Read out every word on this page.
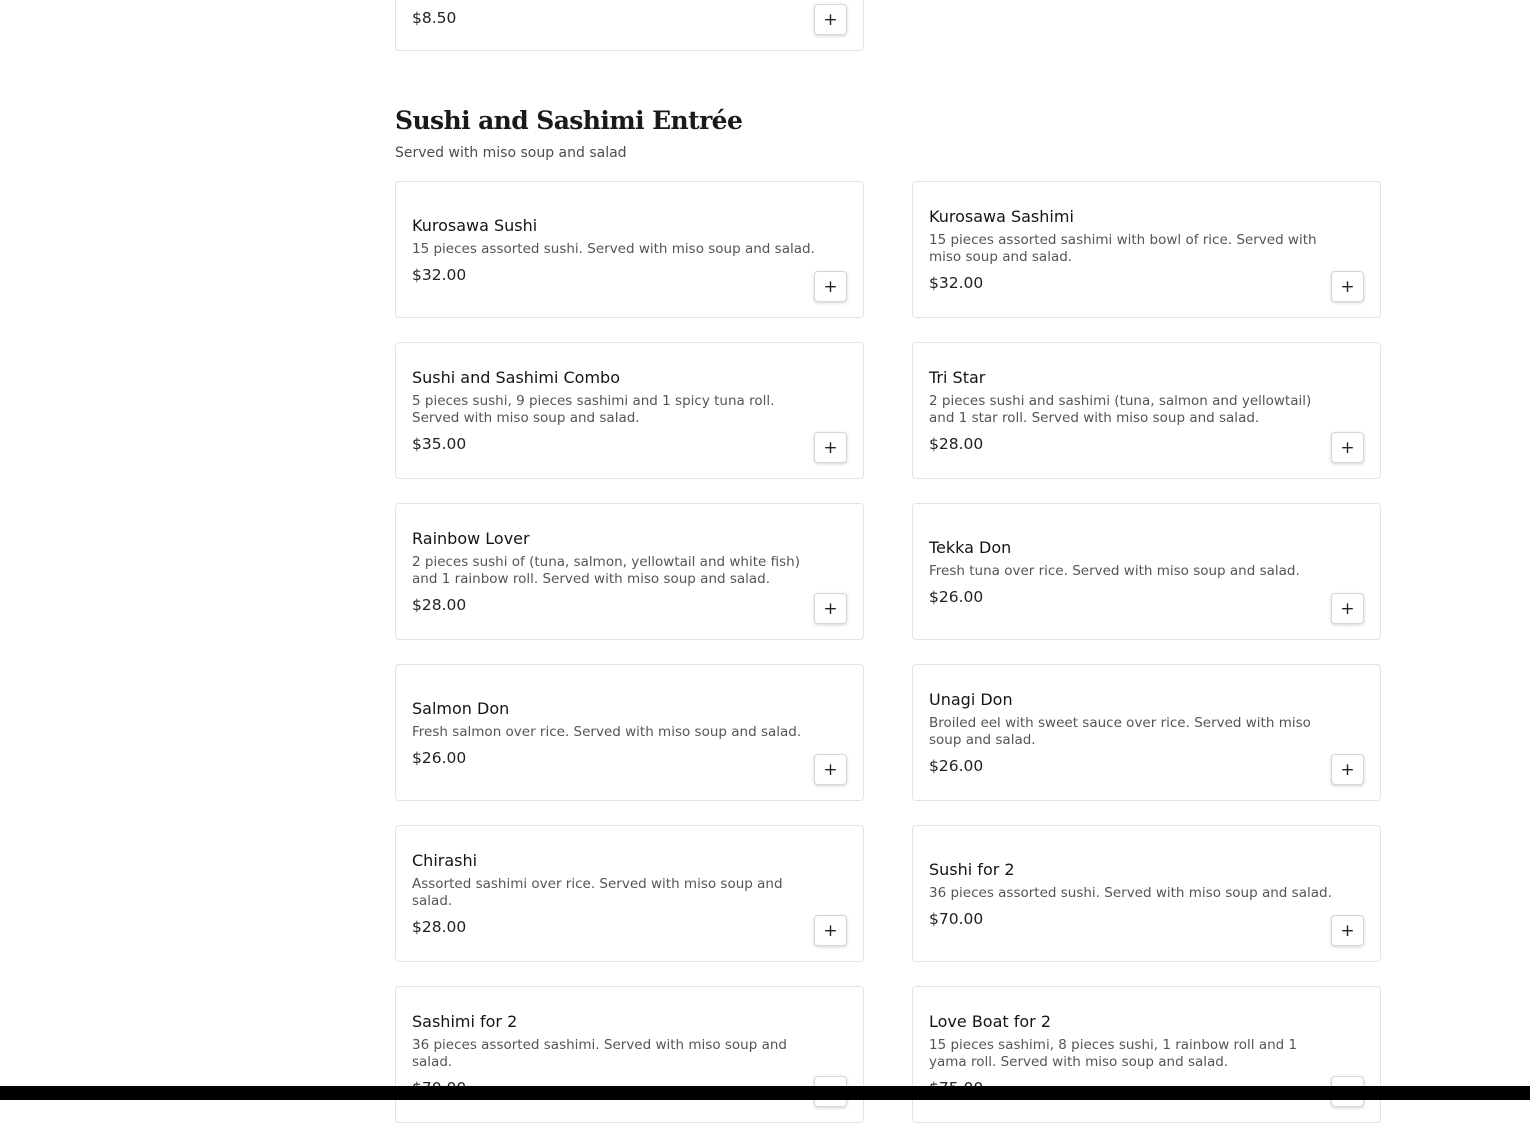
$8.50	+
Sushi and Sashimi Entrée

Served with miso soup and salad

Kurosawa Sushi

15 pieces assorted sushi. Served with miso soup and salad.

$32.00

+

Kurosawa Sashimi

15 pieces assorted sashimi with bowl of rice. Served with miso soup and salad.

$32.00	+

Sushi and Sashimi Combo

5 pieces sushi, 9 pieces sashimi and 1 spicy tuna roll. Served with miso soup and salad.

$35.00	+

Tri Star

2 pieces sushi and sashimi (tuna, salmon and yellowtail) and 1 star roll. Served with miso soup and salad.

$28.00	+

Rainbow Lover

2 pieces sushi of (tuna, salmon, yellowtail and white fish) and 1 rainbow roll. Served with miso soup and salad.

$28.00	+

Tekka Don

Fresh tuna over rice. Served with miso soup and salad.

$26.00

+

Salmon Don

Fresh salmon over rice. Served with miso soup and salad.

$26.00

+

Unagi Don

Broiled eel with sweet sauce over rice. Served with miso soup and salad.

$26.00	+

Chirashi

Assorted sashimi over rice. Served with miso soup and salad.

$28.00	+

Sushi for 2

36 pieces assorted sushi. Served with miso soup and salad.

$70.00

+

Sashimi for 2

36 pieces assorted sashimi. Served with miso soup and salad.

Love Boat for 2

15 pieces sashimi, 8 pieces sushi, 1 rainbow roll and 1 yama roll. Served with miso soup and salad.
